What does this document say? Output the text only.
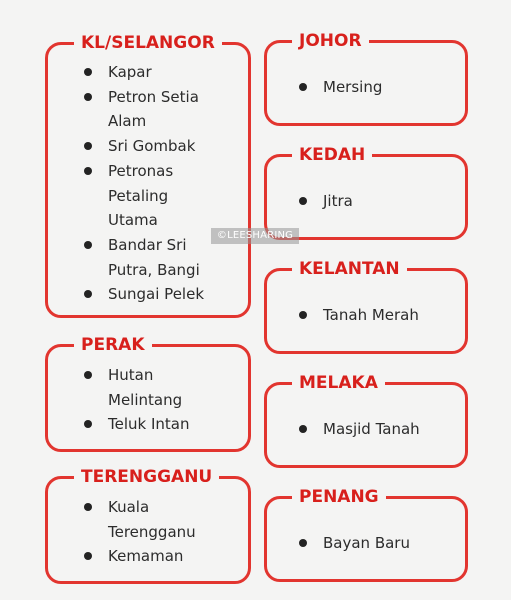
KL/SELANGOR
Kapar
Petron Setia
Alam
Sri Gombak
Petronas
Petaling
Utama
Bandar Sri
Putra, Bangi
Sungai Pelek
PERAK
Hutan
Melintang
Teluk Intan
TERENGGANU
Kuala
Terengganu
Kemaman
JOHOR
Mersing
KEDAH
Jitra
KELANTAN
Tanah Merah
MELAKA
Masjid Tanah
PENANG
Bayan Baru
©LEESHARING
